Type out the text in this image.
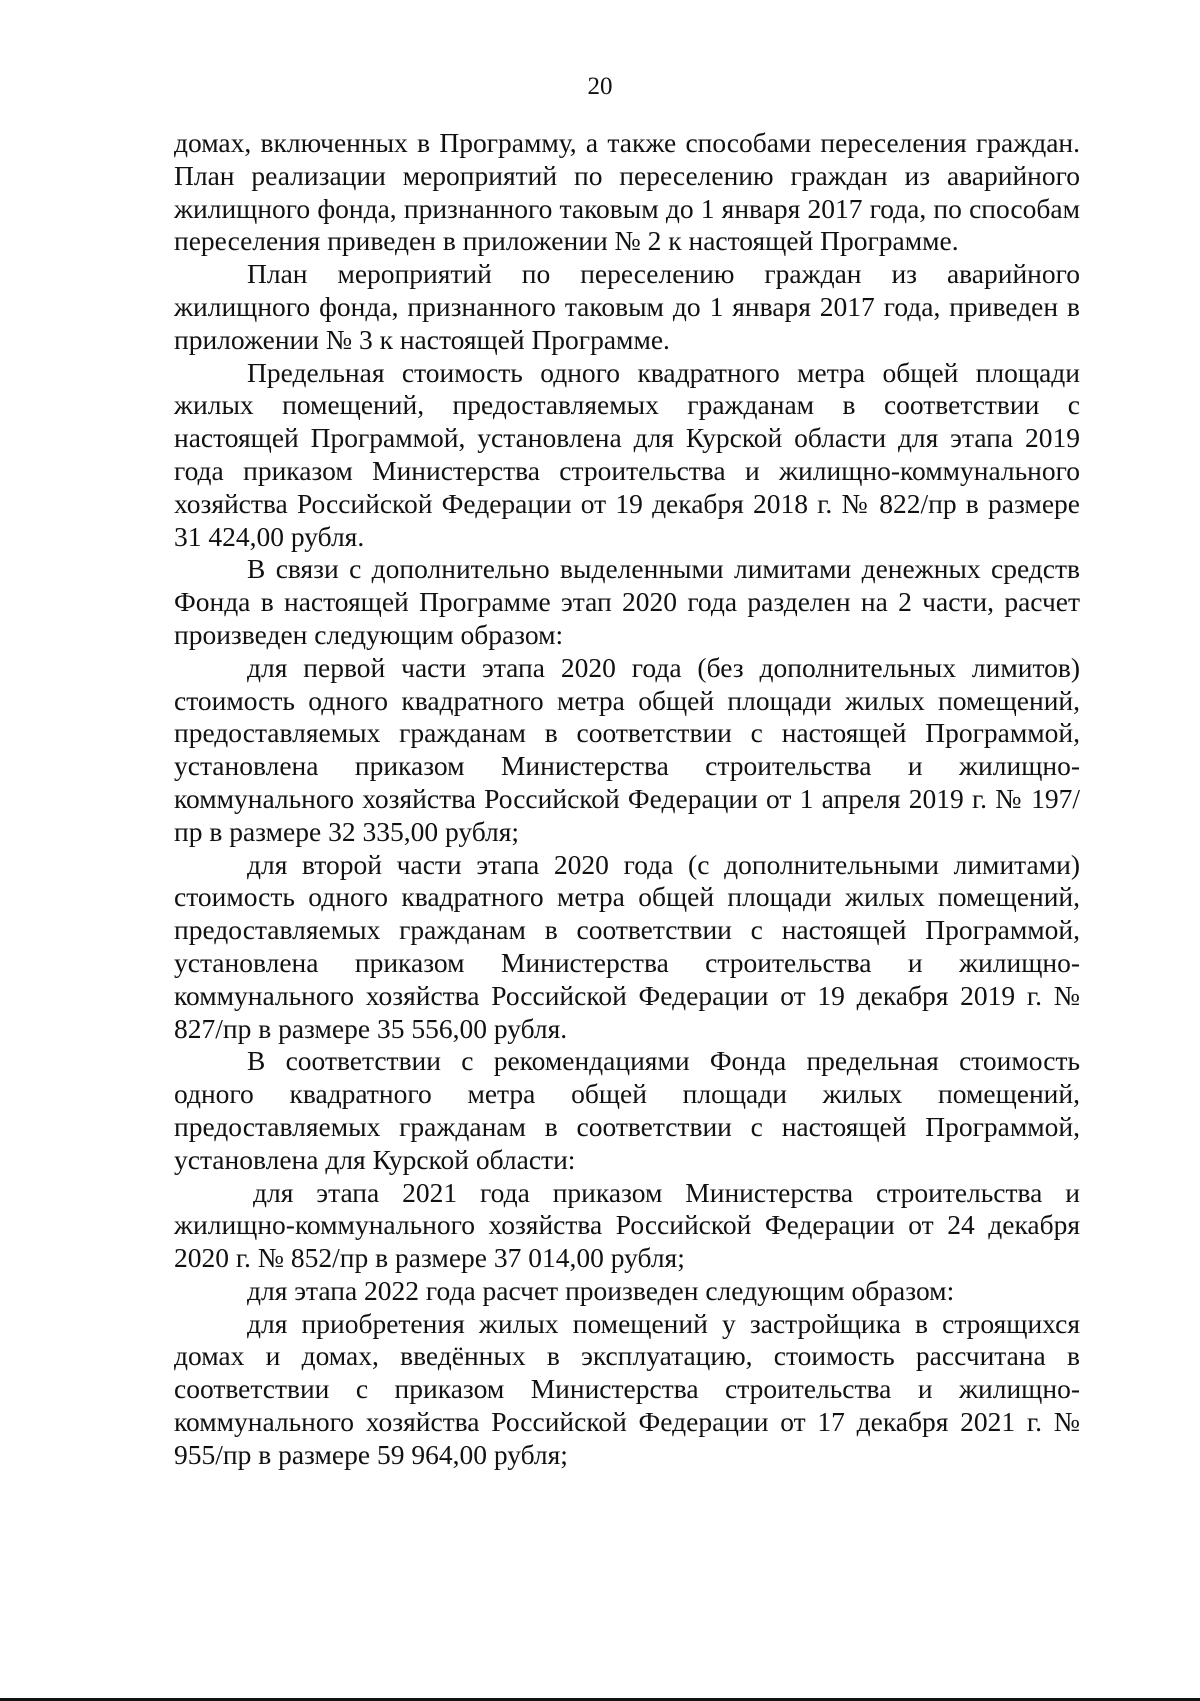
20

домах, включенных в Программу, а также способами переселения граждан. План реализации мероприятий по переселению граждан из аварийного жилищного фонда, признанного таковым до 1 января 2017 года, по способам переселения приведен в приложении № 2 к настоящей Программе.

План мероприятий по переселению граждан из аварийного жилищного фонда, признанного таковым до 1 января 2017 года, приведен в приложении № 3 к настоящей Программе.

Предельная стоимость одного квадратного метра общей площади жилых помещений, предоставляемых гражданам в соответствии с настоящей Программой, установлена для Курской области для этапа 2019 года приказом Министерства строительства и жилищно-коммунального хозяйства Российской Федерации от 19 декабря 2018 г. № 822/пр в размере 31 424,00 рубля.

В связи с дополнительно выделенными лимитами денежных средств Фонда в настоящей Программе этап 2020 года разделен на 2 части, расчет произведен следующим образом:

для первой части этапа 2020 года (без дополнительных лимитов) стоимость одного квадратного метра общей площади жилых помещений, предоставляемых гражданам в соответствии с настоящей Программой, установлена приказом Министерства строительства и жилищно-коммунального хозяйства Российской Федерации от 1 апреля 2019 г. № 197/пр в размере 32 335,00 рубля;

для второй части этапа 2020 года (с дополнительными лимитами) стоимость одного квадратного метра общей площади жилых помещений, предоставляемых гражданам в соответствии с настоящей Программой, установлена приказом Министерства строительства и жилищно-коммунального хозяйства Российской Федерации от 19 декабря 2019 г. № 827/пр в размере 35 556,00 рубля.

В соответствии с рекомендациями Фонда предельная стоимость одного квадратного метра общей площади жилых помещений, предоставляемых гражданам в соответствии с настоящей Программой, установлена для Курской области:

для этапа 2021 года приказом Министерства строительства и жилищно-коммунального хозяйства Российской Федерации от 24 декабря 2020 г. № 852/пр в размере 37 014,00 рубля;

для этапа 2022 года расчет произведен следующим образом:

для приобретения жилых помещений у застройщика в строящихся домах и домах, введённых в эксплуатацию, стоимость рассчитана в соответствии с приказом Министерства строительства и жилищно-коммунального хозяйства Российской Федерации от 17 декабря 2021 г. № 955/пр в размере 59 964,00 рубля;
